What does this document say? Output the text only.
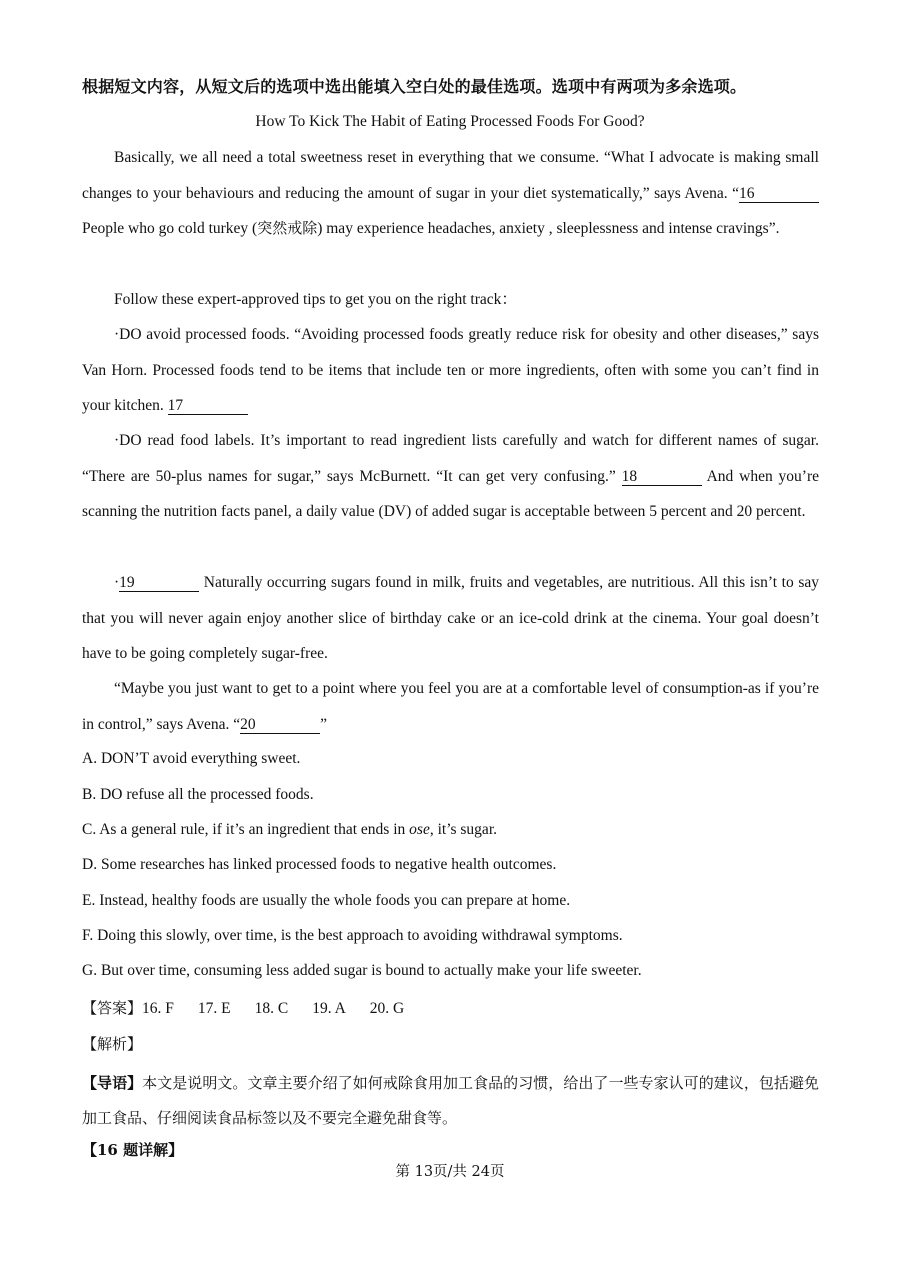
根据短文内容，从短文后的选项中选出能填入空白处的最佳选项。选项中有两项为多余选项。
How To Kick The Habit of Eating Processed Foods For Good?
Basically, we all need a total sweetness reset in everything that we consume. “What I advocate is making small changes to your behaviours and reducing the amount of sugar in your diet systematically,” says Avena. “16 People who go cold turkey (突然戒除) may experience headaches, anxiety , sleeplessness and intense cravings”.
Follow these expert-approved tips to get you on the right track：
·DO avoid processed foods. “Avoiding processed foods greatly reduce risk for obesity and other diseases,” says Van Horn. Processed foods tend to be items that include ten or more ingredients, often with some you can’t find in your kitchen. 17
·DO read food labels. It’s important to read ingredient lists carefully and watch for different names of sugar. “There are 50-plus names for sugar,” says McBurnett. “It can get very confusing.” 18	And when you’re scanning the nutrition facts panel, a daily value (DV) of added sugar is acceptable between 5 percent and 20 percent.
·19	Naturally occurring sugars found in milk, fruits and vegetables, are nutritious. All this isn’t to say that you will never again enjoy another slice of birthday cake or an ice-cold drink at the cinema. Your goal doesn’t have to be going completely sugar-free.
“Maybe you just want to get to a point where you feel you are at a comfortable level of consumption-as if you’re in control,” says Avena. “20	”
A. DON’T avoid everything sweet.
B. DO refuse all the processed foods.
C. As a general rule, if it’s an ingredient that ends in ose, it’s sugar.
D. Some researches has linked processed foods to negative health outcomes.
E. Instead, healthy foods are usually the whole foods you can prepare at home.
F. Doing this slowly, over time, is the best approach to avoiding withdrawal symptoms.
G. But over time, consuming less added sugar is bound to actually make your life sweeter.
【答案】16. F 17. E 18. C 19. A 20. G
【解析】
【导语】本文是说明文。文章主要介绍了如何戒除食用加工食品的习惯，给出了一些专家认可的建议，包括避免加工食品、仔细阅读食品标签以及不要完全避免甜食等。
【16 题详解】
第 13页/共 24页
